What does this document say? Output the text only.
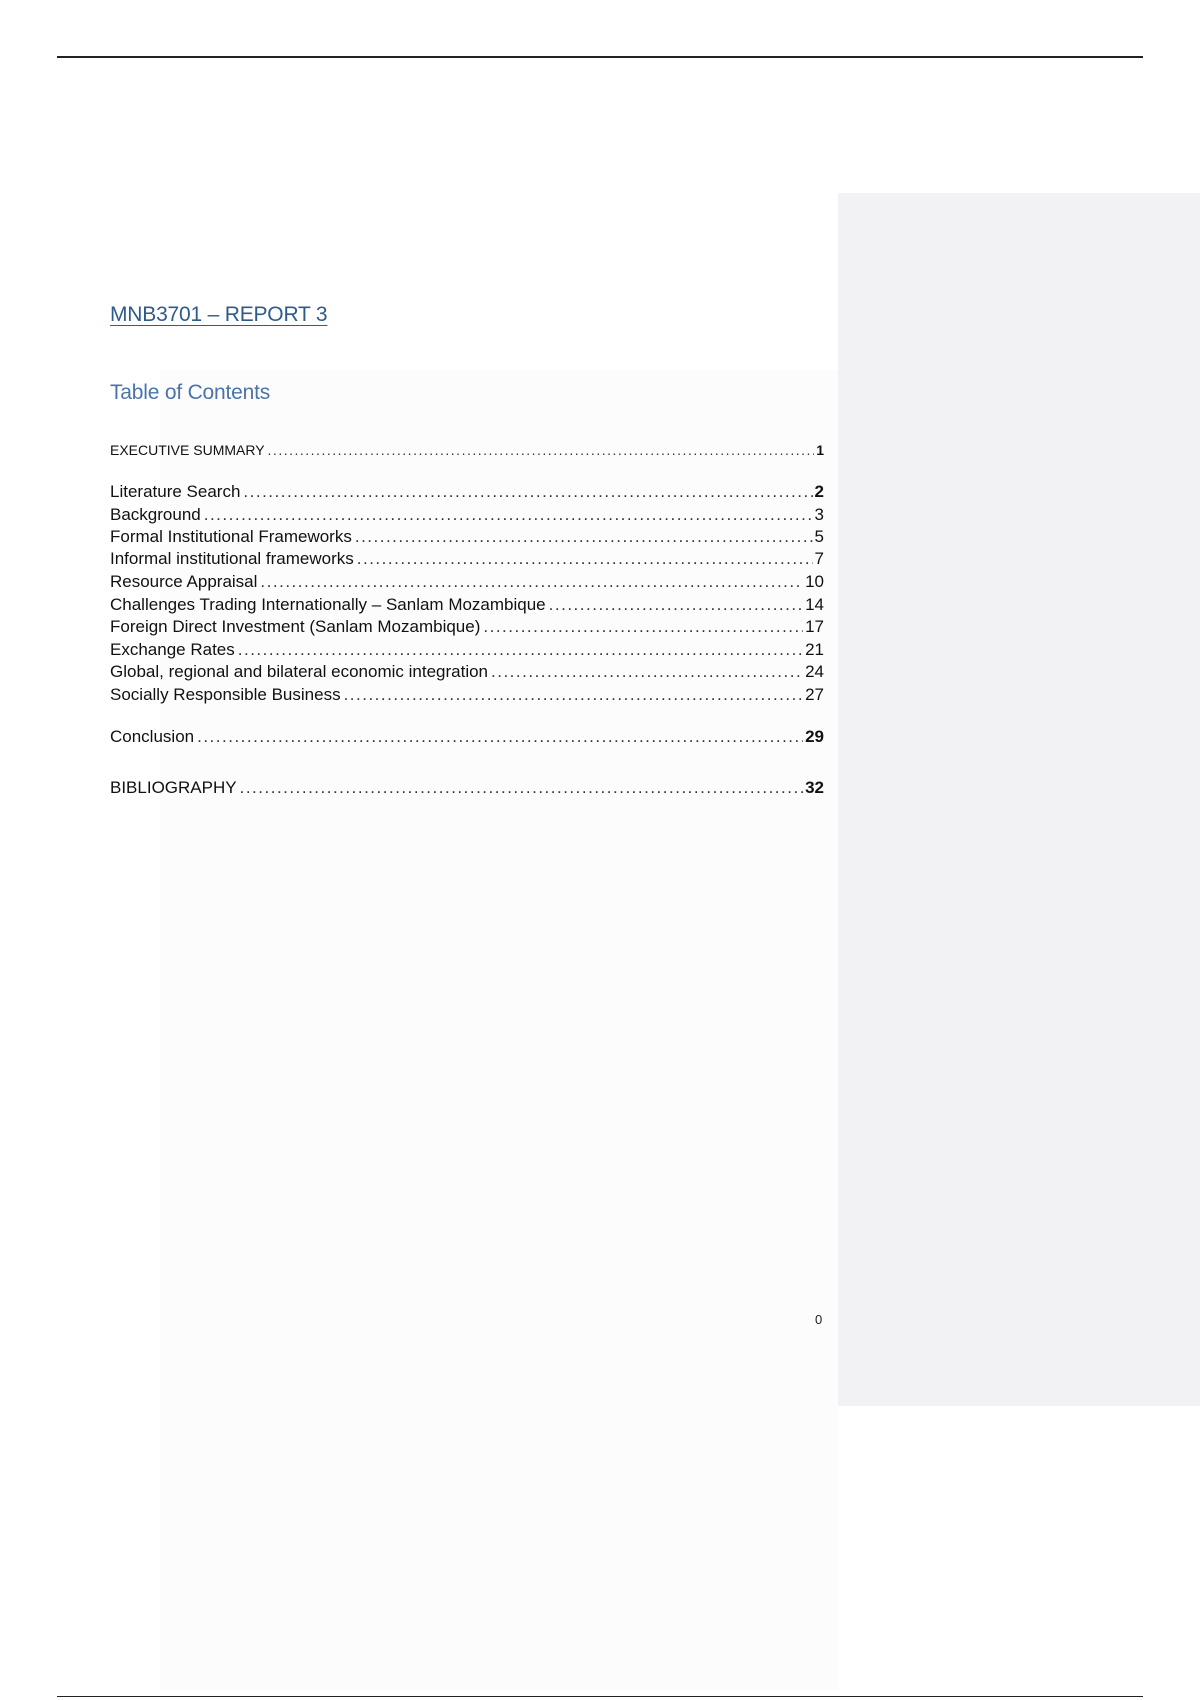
MNB3701 – REPORT 3
Table of Contents
EXECUTIVE SUMMARY .....	1
Literature Search .....	2
Background .....	3
Formal Institutional Frameworks .....	5
Informal institutional frameworks .....	7
Resource Appraisal .....	10
Challenges Trading Internationally – Sanlam Mozambique .....	14
Foreign Direct Investment (Sanlam Mozambique) .....	17
Exchange Rates .....	21
Global, regional and bilateral economic integration .....	24
Socially Responsible Business .....	27
Conclusion .....	29
BIBLIOGRAPHY .....	32
0
